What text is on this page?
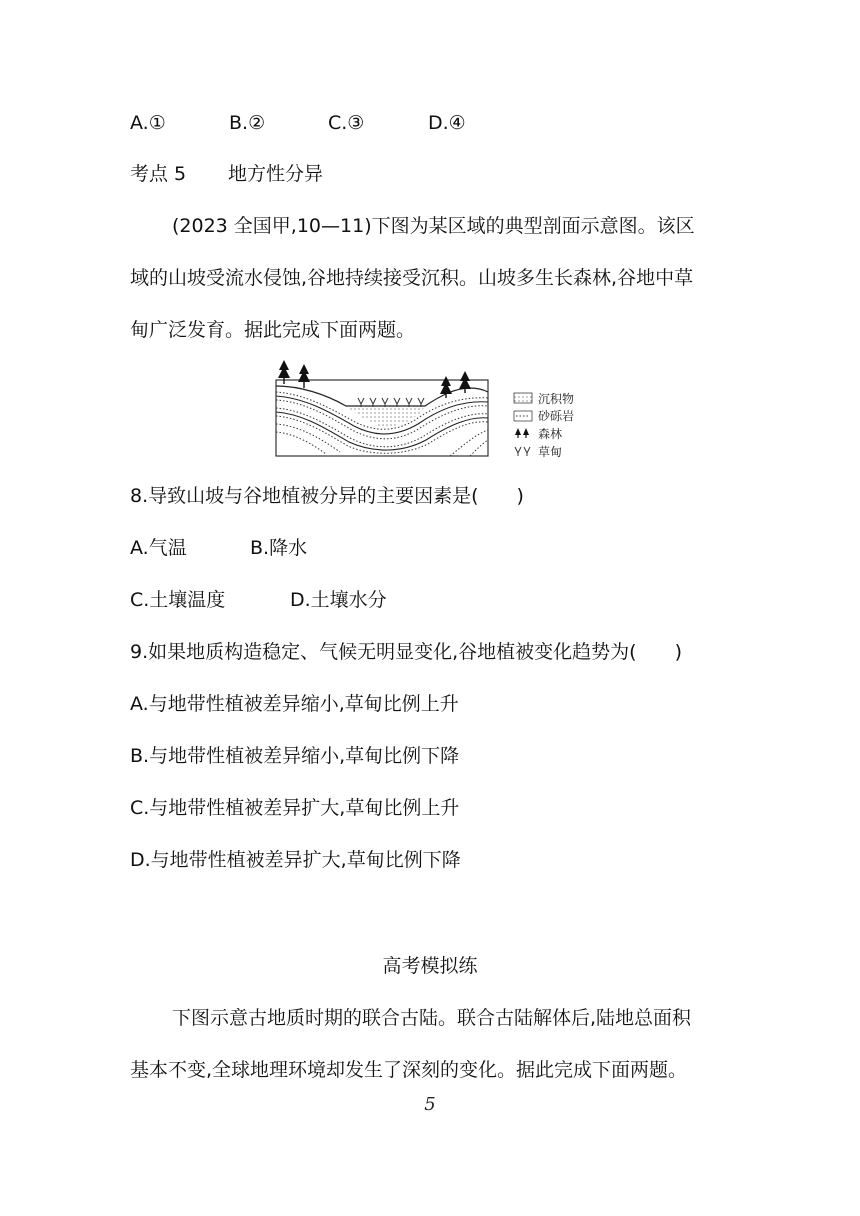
A.①	B.②	C.③	D.④
考点 5 地方性分异
(2023 全国甲,10—11)下图为某区域的典型剖面示意图。该区
域的山坡受流水侵蚀,谷地持续接受沉积。山坡多生长森林,谷地中草
甸广泛发育。据此完成下面两题。
沉积物
砂砾岩
森林
草甸
8.导致山坡与谷地植被分异的主要因素是(　　)
A.气温	B.降水
C.土壤温度	D.土壤水分
9.如果地质构造稳定、气候无明显变化,谷地植被变化趋势为(　　)
A.与地带性植被差异缩小,草甸比例上升
B.与地带性植被差异缩小,草甸比例下降
C.与地带性植被差异扩大,草甸比例上升
D.与地带性植被差异扩大,草甸比例下降
高考模拟练
下图示意古地质时期的联合古陆。联合古陆解体后,陆地总面积
基本不变,全球地理环境却发生了深刻的变化。据此完成下面两题。
5
